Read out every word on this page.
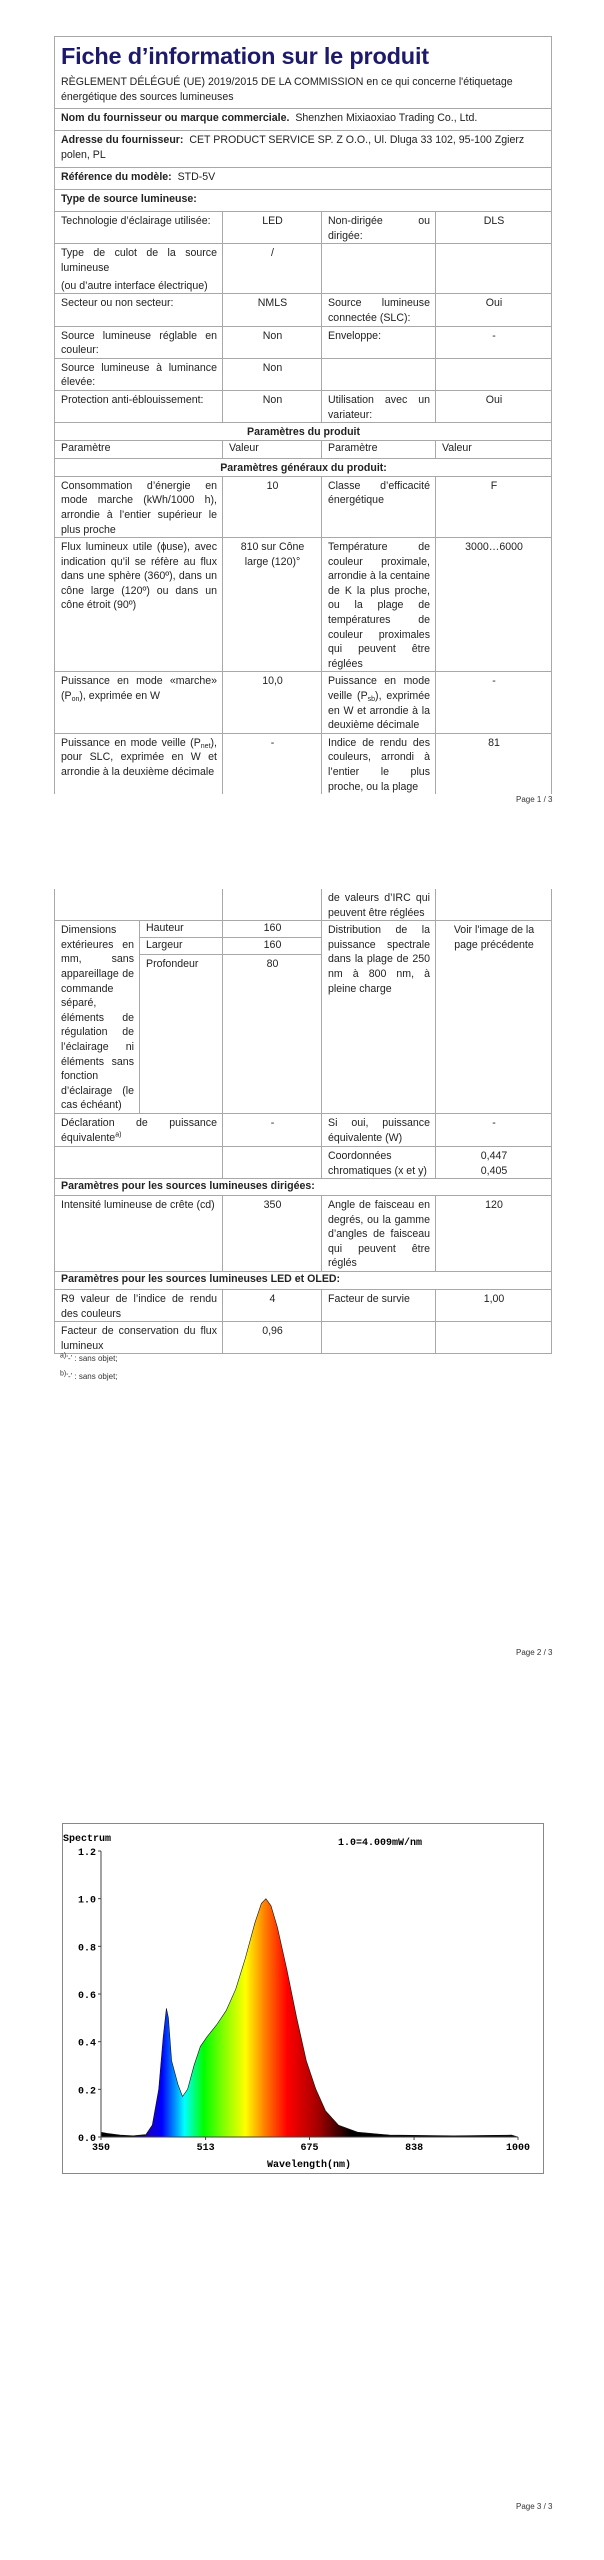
Fiche d’information sur le produit
RÈGLEMENT DÉLÉGUÉ (UE) 2019/2015 DE LA COMMISSION en ce qui concerne l'étiquetage énergétique des sources lumineuses			

Nom du fournisseur ou marque commerciale. Shenzhen Mixiaoxiao Trading Co., Ltd.			
Adresse du fournisseur: CET PRODUCT SERVICE SP. Z O.O., Ul. Dluga 33 102, 95-100 Zgierz polen, PL			
Référence du modèle: STD-5V			
Type de source lumineuse:			
Technologie d’éclairage utilisée:	LED	Non-dirigée ou dirigée:	DLS
Type de culot de la source lumineuse
(ou d’autre interface électrique)	/		
Secteur ou non secteur:	NMLS	Source lumineuse connectée (SLC):	Oui
Source lumineuse réglable en couleur:	Non	Enveloppe:	-
Source lumineuse à luminance élevée:	Non		
Protection anti-éblouissement:	Non	Utilisation avec un variateur:	Oui
Paramètres du produit			
Paramètre	Valeur	Paramètre	Valeur
Paramètres généraux du produit:			
Consommation d’énergie en mode marche (kWh/1000 h), arrondie à l’entier supérieur le plus proche	10	Classe d’efficacité énergétique	F
Flux lumineux utile (ϕuse), avec indication qu’il se réfère au flux dans une sphère (360º), dans un cône large (120º) ou dans un cône étroit (90º)	810 sur Cône large (120)°	Température de couleur proximale, arrondie à la centaine de K la plus proche, ou la plage de températures de couleur proximales qui peuvent être réglées	3000…6000
Puissance en mode «marche» $(P_{on})$, exprimée en W	10,0	Puissance en mode veille $(P_{sb})$, exprimée en W et arrondie à la deuxième décimale	-
Puissance en mode veille $(P_{net})$, pour SLC, exprimée en W et arrondie à la deuxième décimale	-	Indice de rendu des couleurs, arrondi à l’entier le plus proche, ou la plage	81
Page 1 / 3
			de valeurs d’IRC qui peuvent être réglées	
Dimensions extérieures en mm, sans appareillage de commande séparé, éléments de régulation de l’éclairage ni éléments sans fonction d’éclairage (le cas échéant)	Hauteur	160	Distribution de la puissance spectrale dans la plage de 250 nm à 800 nm, à pleine charge	Voir l'image de la page précédente
	Largeur	160		
	Profondeur	80		
Déclaration de puissance équivalente$^{a)}$		-	Si oui, puissance équivalente (W)	-
			Coordonnées chromatiques (x et y)	0,447
0,405

Paramètres pour les sources lumineuses dirigées:				
Intensité lumineuse de crête (cd)		350	Angle de faisceau en degrés, ou la gamme d’angles de faisceau qui peuvent être réglés	120
Paramètres pour les sources lumineuses LED et OLED:				
R9 valeur de l’indice de rendu des couleurs		4	Facteur de survie	1,00
Facteur de conservation du flux lumineux		0,96		
$^{a)}$‘-’ : sans objet;
$^{b)}$‘-’ : sans objet;
Page 2 / 3
Page 3 / 3
Spectrum	1.0=4.009mW/nm
Wavelength(nm)
0.0
0.2
0.4
0.6
0.8
1.0
1.2
350	513	675	838	1000
